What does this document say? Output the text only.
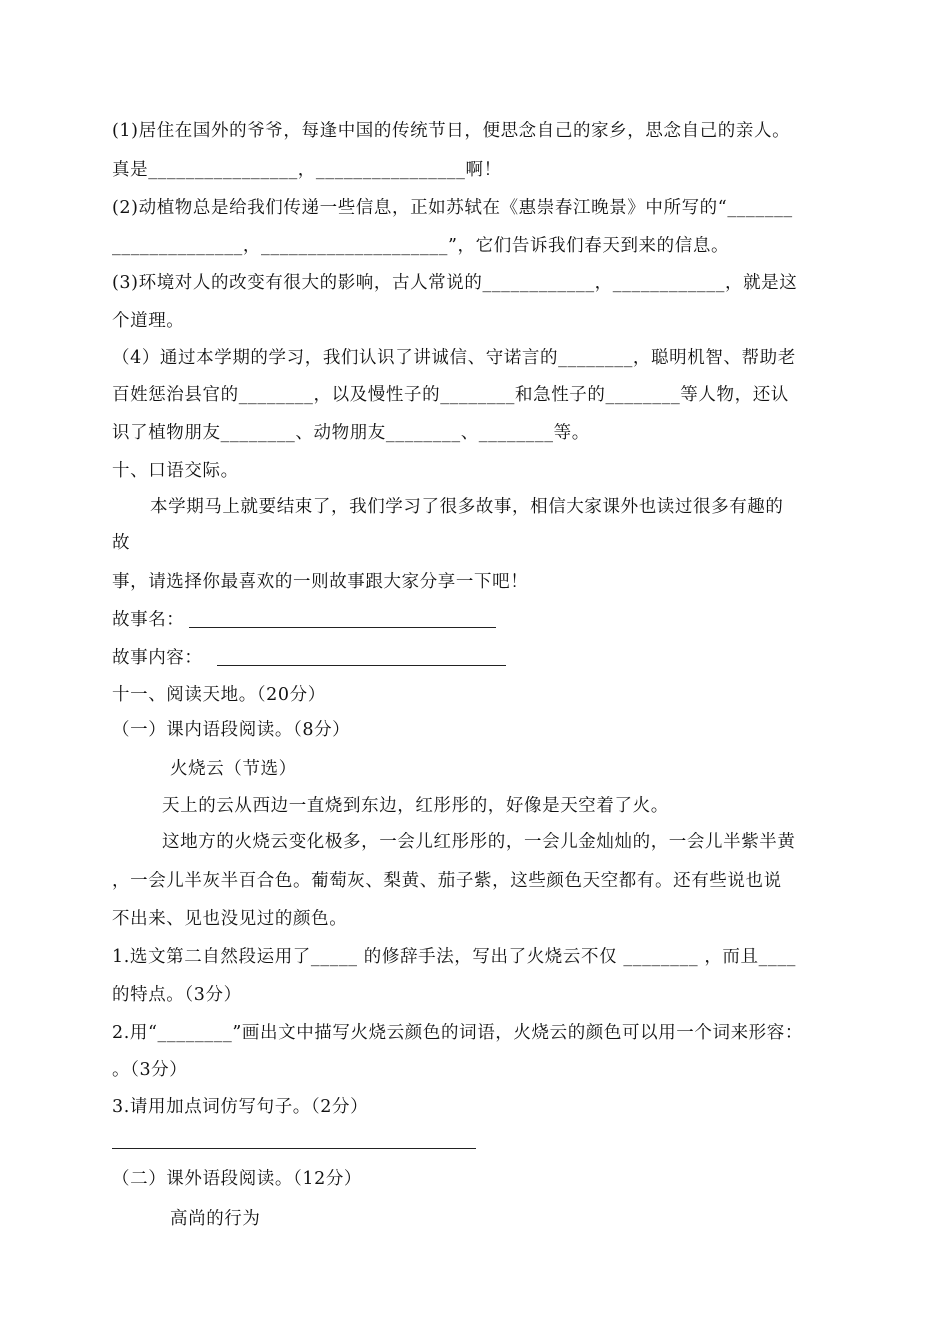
(1)居住在国外的爷爷，每逢中国的传统节日，便思念自己的家乡，思念自己的亲人。
真是________________，________________啊！
(2)动植物总是给我们传递一些信息，正如苏轼在《惠崇春江晚景》中所写的“_______
______________，____________________”，它们告诉我们春天到来的信息。
(3)环境对人的改变有很大的影响，古人常说的____________，____________，就是这
个道理。
（4）通过本学期的学习，我们认识了讲诚信、守诺言的________，聪明机智、帮助老
百姓惩治县官的________，以及慢性子的________和急性子的________等人物，还认
识了植物朋友________、动物朋友________、________等。
十、口语交际。
本学期马上就要结束了，我们学习了很多故事，相信大家课外也读过很多有趣的
故
事，请选择你最喜欢的一则故事跟大家分享一下吧！
故事名：
故事内容：
十一、阅读天地。（20分）
（一）课内语段阅读。（8分）
火烧云（节选）
天上的云从西边一直烧到东边，红彤彤的，好像是天空着了火。
这地方的火烧云变化极多，一会儿红彤彤的，一会儿金灿灿的，一会儿半紫半黄
，一会儿半灰半百合色。葡萄灰、梨黄、茄子紫，这些颜色天空都有。还有些说也说
不出来、见也没见过的颜色。
1.选文第二自然段运用了_____ 的修辞手法，写出了火烧云不仅 ________ ，而且____
的特点。（3分）
2.用“________”画出文中描写火烧云颜色的词语，火烧云的颜色可以用一个词来形容：
。（3分）
3.请用加点词仿写句子。（2分）
（二）课外语段阅读。（12分）
高尚的行为
